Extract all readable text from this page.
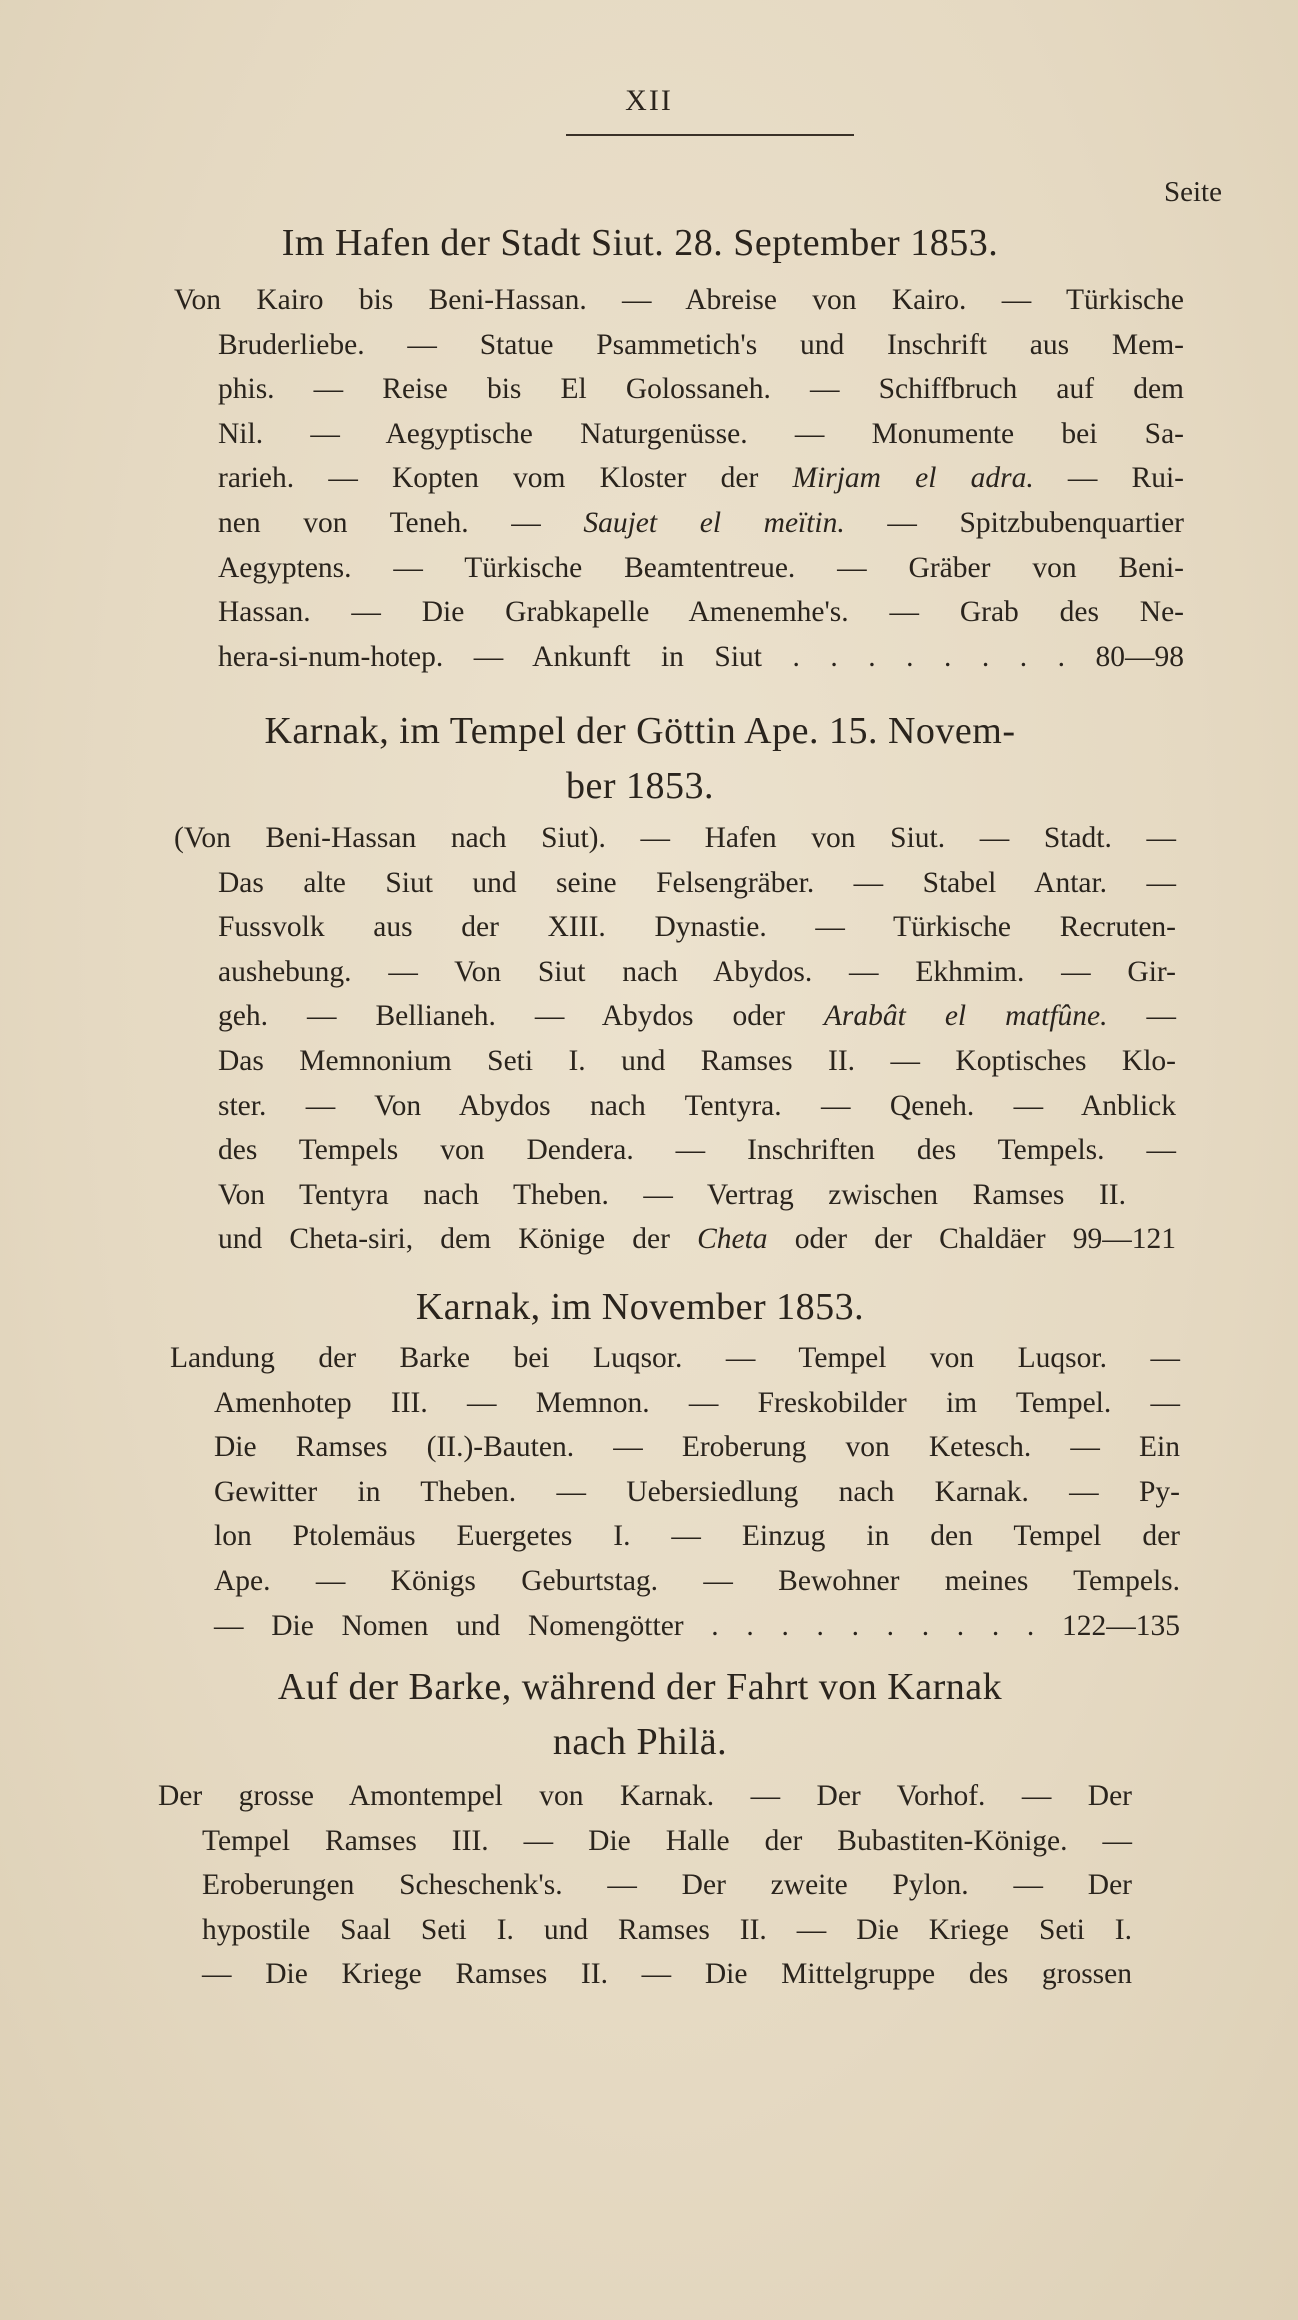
XII
Seite
Im Hafen der Stadt Siut. 28. September 1853.
Von Kairo bis Beni-Hassan. — Abreise von Kairo. — Türkische
Bruderliebe. — Statue Psammetich's und Inschrift aus Mem-
phis. — Reise bis El Golossaneh. — Schiffbruch auf dem
Nil. — Aegyptische Naturgenüsse. — Monumente bei Sa-
rarieh. — Kopten vom Kloster der Mirjam el adra. — Rui-
nen von Teneh. — Saujet el meïtin. — Spitzbubenquartier
Aegyptens. — Türkische Beamtentreue. — Gräber von Beni-
Hassan. — Die Grabkapelle Amenemhe's. — Grab des Ne-
hera-si-num-hotep. — Ankunft in Siut . . . . . . . . 80—98
Karnak, im Tempel der Göttin Ape. 15. Novem-
ber 1853.
(Von Beni-Hassan nach Siut). — Hafen von Siut. — Stadt. —
Das alte Siut und seine Felsengräber. — Stabel Antar. —
Fussvolk aus der XIII. Dynastie. — Türkische Recruten-
aushebung. — Von Siut nach Abydos. — Ekhmim. — Gir-
geh. — Bellianeh. — Abydos oder Arabât el matfûne. —
Das Memnonium Seti I. und Ramses II. — Koptisches Klo-
ster. — Von Abydos nach Tentyra. — Qeneh. — Anblick
des Tempels von Dendera. — Inschriften des Tempels. —
Von Tentyra nach Theben. — Vertrag zwischen Ramses II.
und Cheta-siri, dem Könige der Cheta oder der Chaldäer 99—121
Karnak, im November 1853.
Landung der Barke bei Luqsor. — Tempel von Luqsor. —
Amenhotep III. — Memnon. — Freskobilder im Tempel. —
Die Ramses (II.)-Bauten. — Eroberung von Ketesch. — Ein
Gewitter in Theben. — Uebersiedlung nach Karnak. — Py-
lon Ptolemäus Euergetes I. — Einzug in den Tempel der
Ape. — Königs Geburtstag. — Bewohner meines Tempels.
— Die Nomen und Nomengötter . . . . . . . . . . 122—135
Auf der Barke, während der Fahrt von Karnak
nach Philä.
Der grosse Amontempel von Karnak. — Der Vorhof. — Der
Tempel Ramses III. — Die Halle der Bubastiten-Könige. —
Eroberungen Scheschenk's. — Der zweite Pylon. — Der
hypostile Saal Seti I. und Ramses II. — Die Kriege Seti I.
— Die Kriege Ramses II. — Die Mittelgruppe des grossen
